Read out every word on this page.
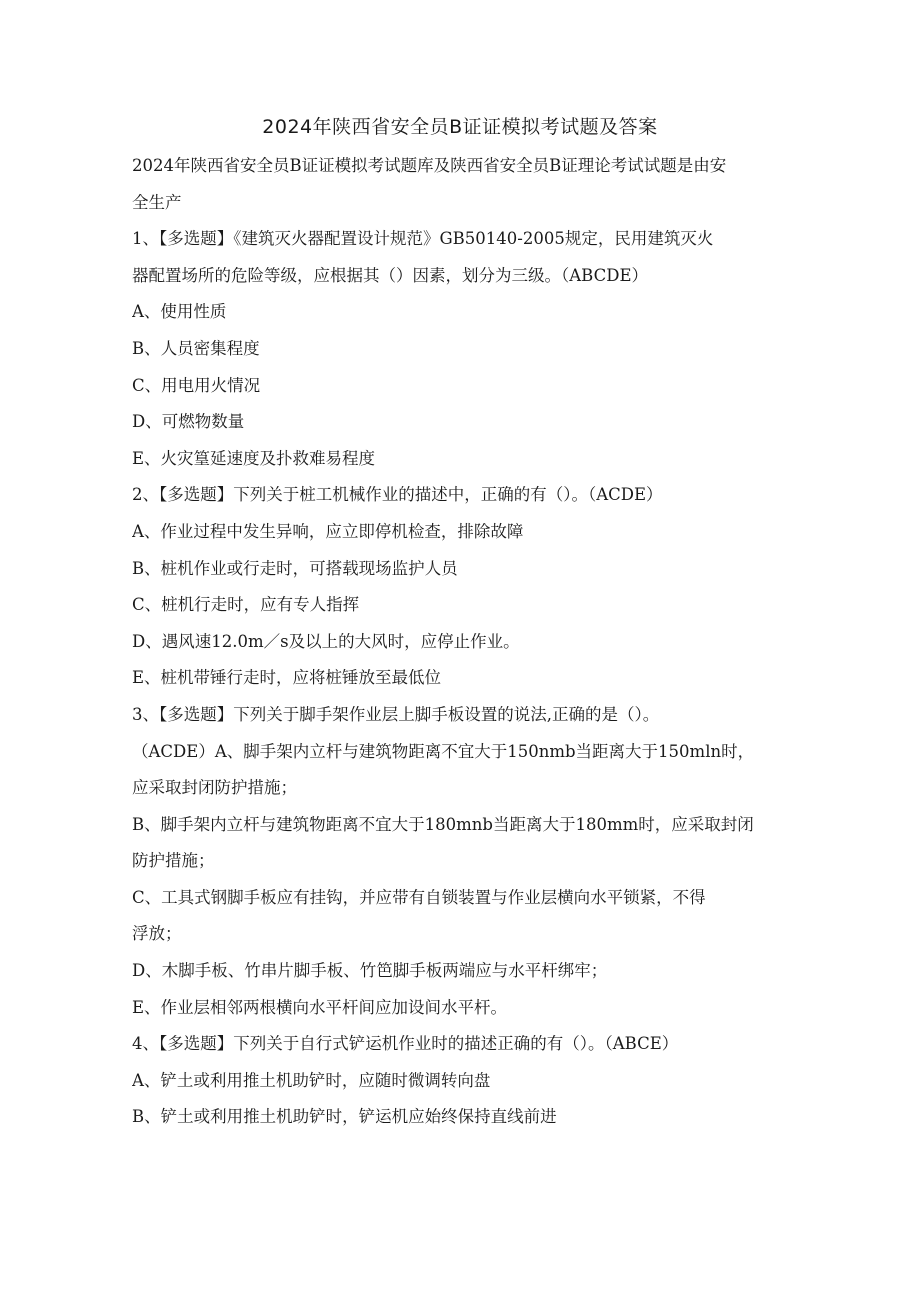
2024年陕西省安全员B证证模拟考试题及答案
2024年陕西省安全员B证证模拟考试题库及陕西省安全员B证理论考试试题是由安
全生产
1、【多选题】《建筑灭火器配置设计规范》GB50140-2005规定，民用建筑灭火
器配置场所的危险等级，应根据其（）因素，划分为三级。（ABCDE）
A、使用性质
B、人员密集程度
C、用电用火情况
D、可燃物数量
E、火灾篁延速度及扑救难易程度
2、【多选题】下列关于桩工机械作业的描述中，正确的有（）。（ACDE）
A、作业过程中发生异响，应立即停机检查，排除故障
B、桩机作业或行走时，可搭载现场监护人员
C、桩机行走时，应有专人指挥
D、遇风速12.0m／s及以上的大风时，应停止作业。
E、桩机带锤行走时，应将桩锤放至最低位
3、【多选题】下列关于脚手架作业层上脚手板设置的说法,正确的是（）。
（ACDE）A、脚手架内立杆与建筑物距离不宜大于150nmb当距离大于150mln时，
应采取封闭防护措施；
B、脚手架内立杆与建筑物距离不宜大于180mnb当距离大于180mm时，应采取封闭
防护措施；
C、工具式钢脚手板应有挂钩，并应带有自锁装置与作业层横向水平锁紧，不得
浮放；
D、木脚手板、竹串片脚手板、竹笆脚手板两端应与水平杆绑牢；
E、作业层相邻两根横向水平杆间应加设间水平杆。
4、【多选题】下列关于自行式铲运机作业时的描述正确的有（）。（ABCE）
A、铲土或利用推土机助铲时，应随时微调转向盘
B、铲土或利用推土机助铲时，铲运机应始终保持直线前进
